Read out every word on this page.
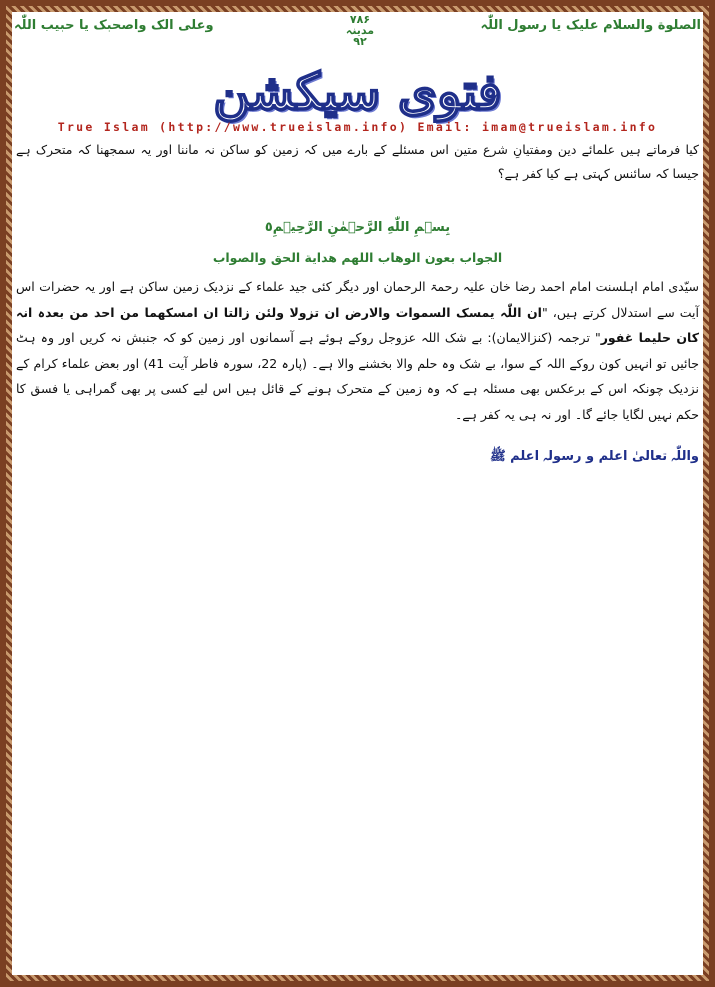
الصلوة والسلام علیک یا رسول اللّٰہ
۷۸۶
مدینہ
۹۲
وعلی الک واصحبک یا حبیب اللّٰہ
فتوی سیکشن
True Islam (http://www.trueislam.info) Email: imam@trueislam.info
کیا فرماتے ہیں علمائے دین ومفتیانِ شرع متین اس مسئلے کے بارے میں کہ زمین کو ساکن نہ ماننا اور یہ سمجھنا کہ متحرک ہے جیسا کہ سائنس کہتی ہے کیا کفر ہے؟
بِسۡمِ اللّٰهِ الرَّحۡمٰنِ الرَّحِیۡمِ٥
الجواب بعون الوهاب اللهم هداية الحق والصواب
سیّدی امام اہلسنت امام احمد رضا خان علیہ رحمۃ الرحمان اور دیگر کئی جید علماء کے نزدیک زمین ساکن ہے اور یہ حضرات اس آیت سے استدلال کرتے ہیں، "ان اللّٰہ یمسک السموات والارض ان تزولا ولئن زالتا ان امسکھما من احد من بعدہ انہ کان حلیما غفور" ترجمہ (کنزالایمان): بے شک اللہ عزوجل روکے ہوئے ہے آسمانوں اور زمین کو کہ جنبش نہ کریں اور وہ ہٹ جائیں تو انہیں کون روکے اللہ کے سوا، بے شک وہ حلم والا بخشنے والا ہے۔ (پارہ 22، سورہ فاطر آیت 41) اور بعض علماء کرام کے نزدیک چونکہ اس کے برعکس بھی مسئلہ ہے کہ وہ زمین کے متحرک ہونے کے قائل ہیں اس لیے کسی پر بھی گمراہی یا فسق کا حکم نہیں لگایا جائے گا۔ اور نہ ہی یہ کفر ہے۔
واللّٰہ تعالیٰ اعلم و رسولہ اعلم ﷺ
